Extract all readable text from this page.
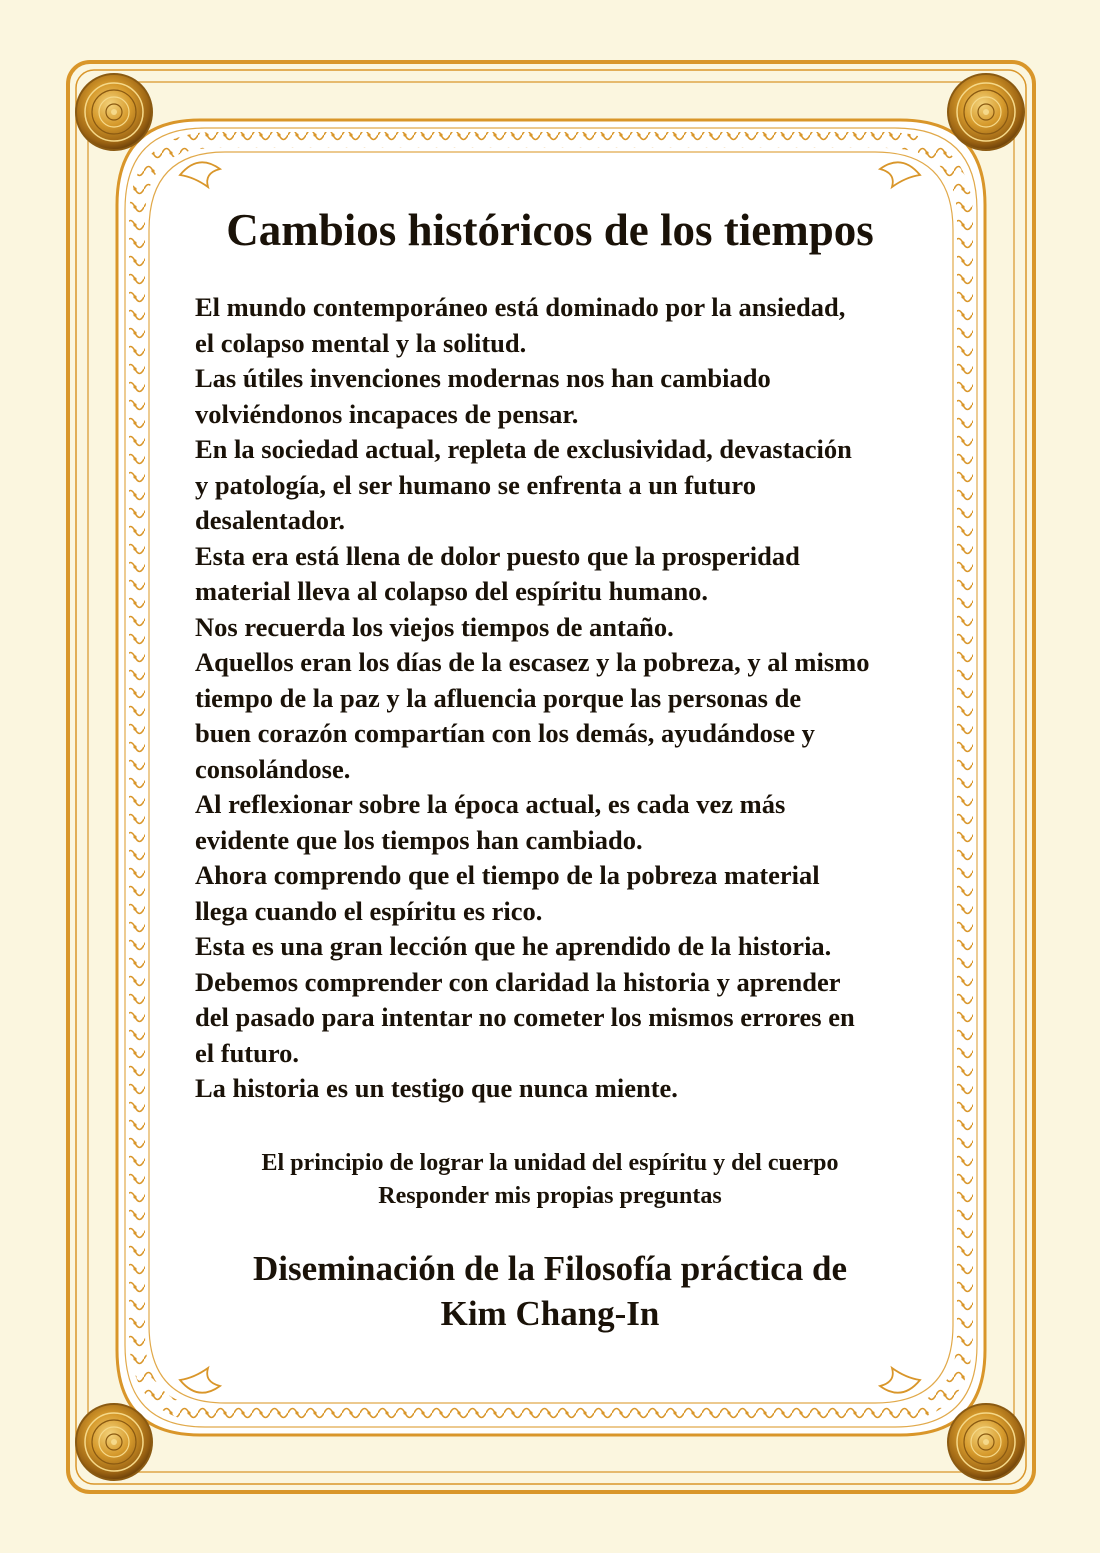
Cambios históricos de los tiempos
El mundo contemporáneo está dominado por la ansiedad,
el colapso mental y la solitud.
Las útiles invenciones modernas nos han cambiado
volviéndonos incapaces de pensar.
En la sociedad actual, repleta de exclusividad, devastación
y patología, el ser humano se enfrenta a un futuro
desalentador.
Esta era está llena de dolor puesto que la prosperidad
material lleva al colapso del espíritu humano.
Nos recuerda los viejos tiempos de antaño.
Aquellos eran los días de la escasez y la pobreza, y al mismo
tiempo de la paz y la afluencia porque las personas de
buen corazón compartían con los demás, ayudándose y
consolándose.
Al reflexionar sobre la época actual, es cada vez más
evidente que los tiempos han cambiado.
Ahora comprendo que el tiempo de la pobreza material
llega cuando el espíritu es rico.
Esta es una gran lección que he aprendido de la historia.
Debemos comprender con claridad la historia y aprender
del pasado para intentar no cometer los mismos errores en
el futuro.
La historia es un testigo que nunca miente.
El principio de lograr la unidad del espíritu y del cuerpo
Responder mis propias preguntas
Diseminación de la Filosofía práctica de
Kim Chang-In
